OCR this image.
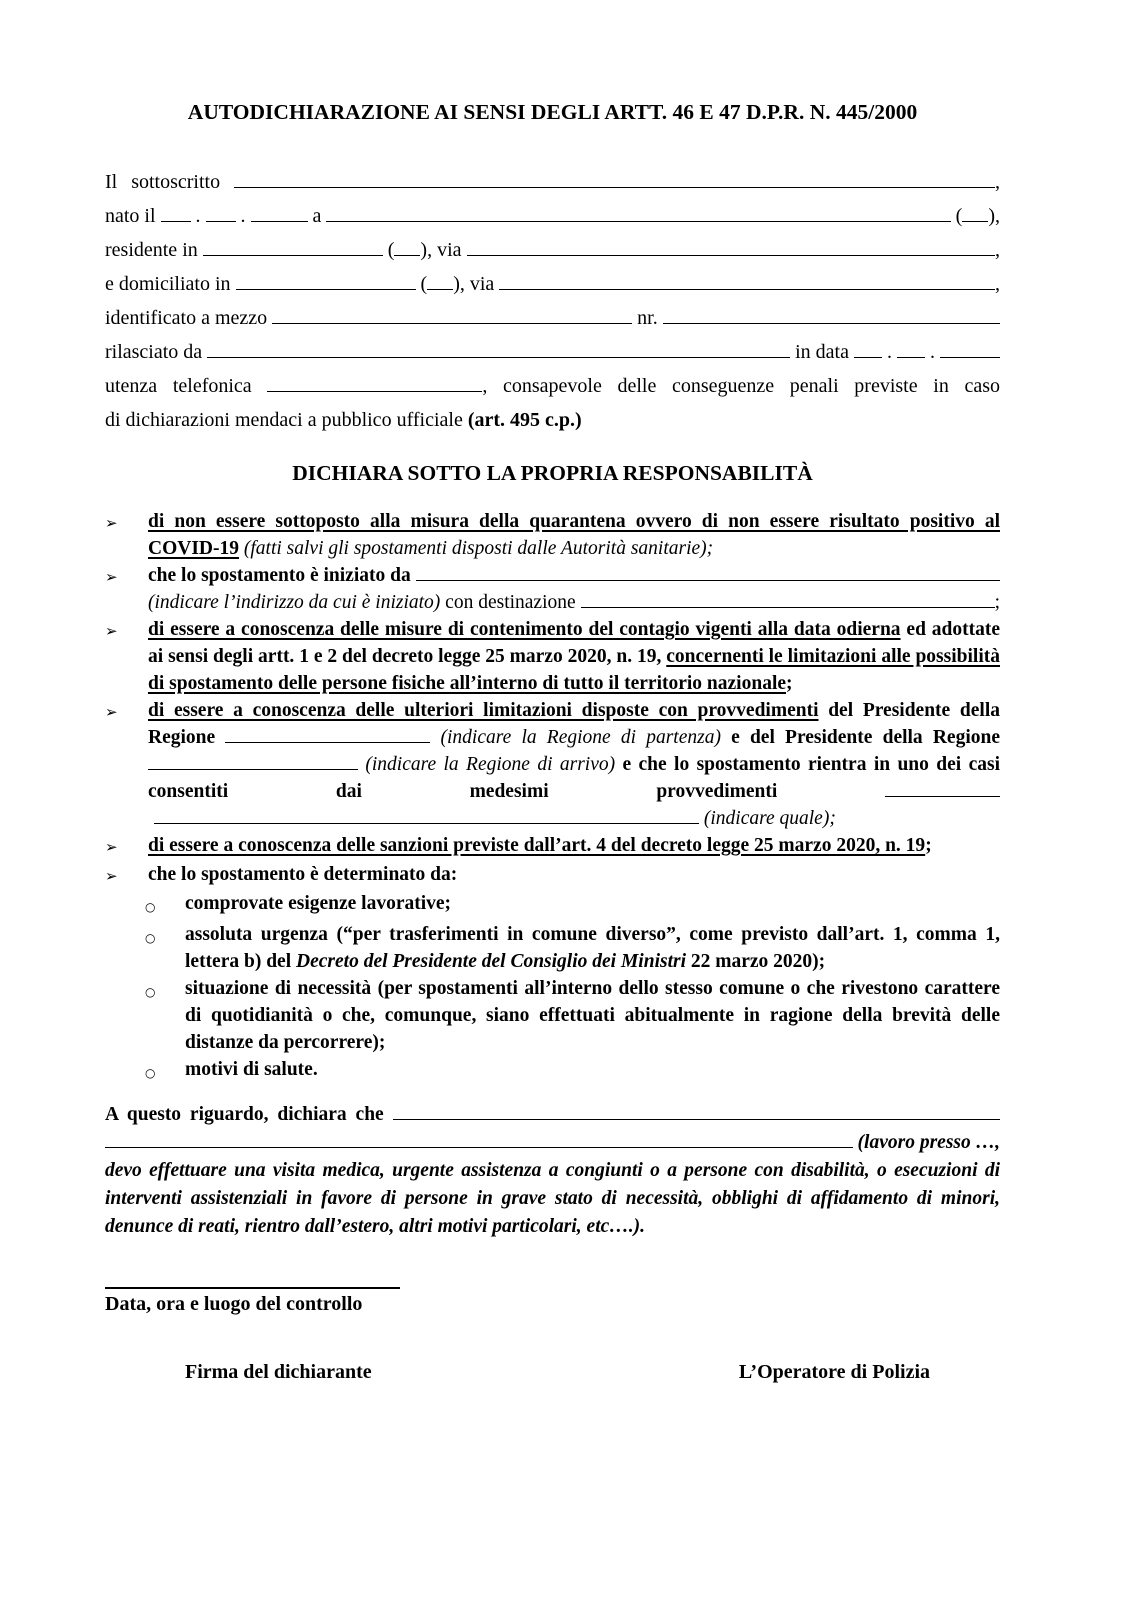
AUTODICHIARAZIONE AI SENSI DEGLI ARTT. 46 E 47 D.P.R. N. 445/2000
Il sottoscritto	,
nato il . .	a	( ),
residente in	( ), via	,
e domiciliato in	( ), via	,
identificato a mezzo	nr.
rilasciato da	in data . .
utenza telefonica	, consapevole delle conseguenze penali previste in caso
di dichiarazioni mendaci a pubblico ufficiale (art. 495 c.p.)
DICHIARA SOTTO LA PROPRIA RESPONSABILITÀ
➢	di non essere sottoposto alla misura della quarantena ovvero di non essere risultato positivo al COVID-19 (fatti salvi gli spostamenti disposti dalle Autorità sanitarie);
➢	che lo spostamento è iniziato da
(indicare l’indirizzo da cui è iniziato) con destinazione	;
➢	di essere a conoscenza delle misure di contenimento del contagio vigenti alla data odierna ed adottate ai sensi degli artt. 1 e 2 del decreto legge 25 marzo 2020, n. 19, concernenti le limitazioni alle possibilità di spostamento delle persone fisiche all’interno di tutto il territorio nazionale;
➢	di essere a conoscenza delle ulteriori limitazioni disposte con provvedimenti del Presidente della Regione	(indicare la Regione di partenza) e del Presidente della Regione  (indicare la Regione di arrivo) e che lo spostamento rientra in uno dei casi consentiti dai medesimi provvedimenti  (indicare quale);
➢	di essere a conoscenza delle sanzioni previste dall’art. 4 del decreto legge 25 marzo 2020, n. 19;
➢	che lo spostamento è determinato da:
○	comprovate esigenze lavorative;
○	assoluta urgenza (“per trasferimenti in comune diverso”, come previsto dall’art. 1, comma 1, lettera b) del Decreto del Presidente del Consiglio dei Ministri 22 marzo 2020);
○	situazione di necessità (per spostamenti all’interno dello stesso comune o che rivestono carattere di quotidianità o che, comunque, siano effettuati abitualmente in ragione della brevità delle distanze da percorrere);
○	motivi di salute.
A questo riguardo, dichiara che
(lavoro presso …,
devo effettuare una visita medica, urgente assistenza a congiunti o a persone con disabilità, o esecuzioni di interventi assistenziali in favore di persone in grave stato di necessità, obblighi di affidamento di minori, denunce di reati, rientro dall’estero, altri motivi particolari, etc….).
Data, ora e luogo del controllo
Firma del dichiarante	L’Operatore di Polizia
